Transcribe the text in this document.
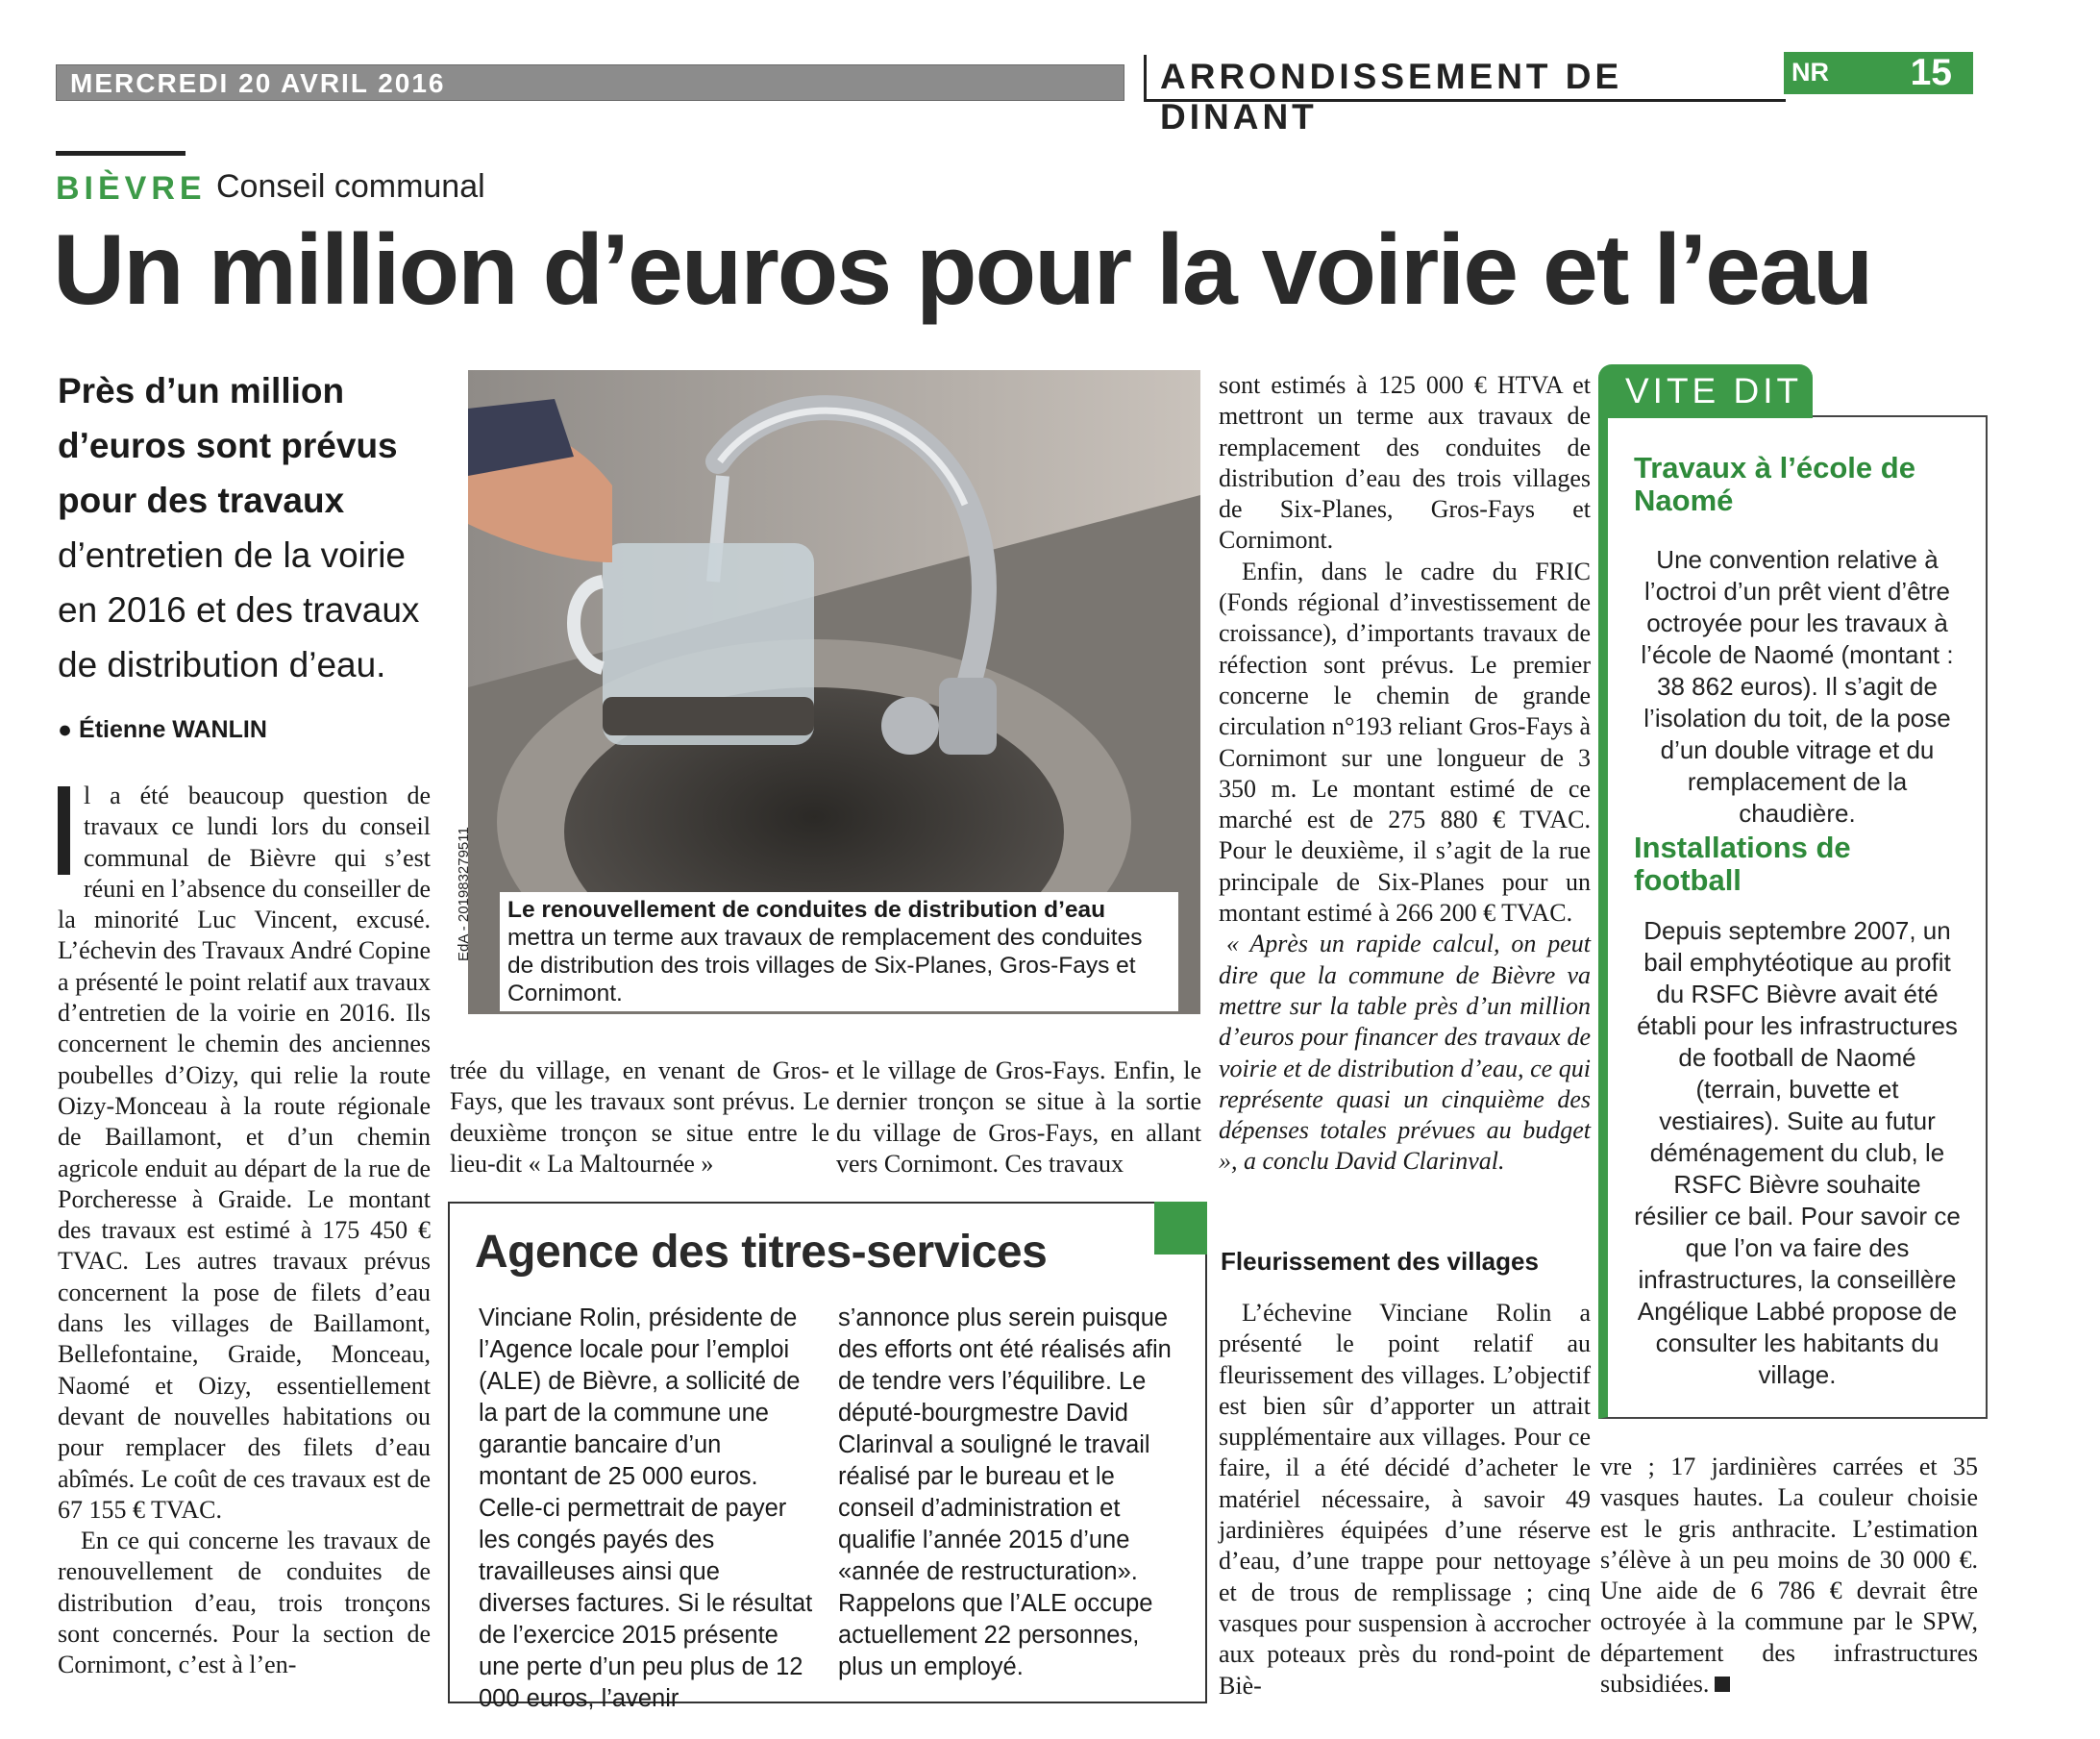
MERCREDI 20 AVRIL 2016	ARRONDISSEMENT DE DINANT
NR 15
BIÈVRE Conseil communal
Un million d’euros pour la voirie et l’eau
Près d’un million d’euros sont prévus pour des travaux d’entretien de la voirie en 2016 et des travaux de distribution d’eau.
● Étienne WANLIN

l a été beaucoup question de travaux ce lundi lors du conseil communal de Bièvre qui s’est réuni en l’absence du conseiller de la minorité Luc Vincent, excusé. L’échevin des Travaux André Copine a présenté le point relatif aux travaux d’entretien de la voirie en 2016. Ils concernent le chemin des anciennes poubelles d’Oizy, qui relie la route Oizy-Monceau à la route régionale de Baillamont, et d’un chemin agricole enduit au départ de la rue de Porcheresse à Graide. Le montant des travaux est estimé à 175 450 € TVAC. Les autres travaux prévus concernent la pose de filets d’eau dans les villages de Baillamont, Bellefontaine, Graide, Monceau, Naomé et Oizy, essentiellement devant de nouvelles habitations ou pour remplacer des filets d’eau abîmés. Le coût de ces travaux est de 67 155 € TVAC.

En ce qui concerne les travaux de renouvellement de conduites de distribution d’eau, trois tronçons sont concernés. Pour la section de Cornimont, c’est à l’en-

Le renouvellement de conduites de distribution d’eau mettra un terme aux travaux de remplacement des conduites de distribution des trois villages de Six-Planes, Gros-Fays et Cornimont.
EdA - 201983279511
trée du village, en venant de Gros-Fays, que les travaux sont prévus. Le deuxième tronçon se situe entre le lieu-dit « La Maltournée »
et le village de Gros-Fays. Enfin, le dernier tronçon se situe à la sortie du village de Gros-Fays, en allant vers Cornimont. Ces travaux
Agence des titres-services
Vinciane Rolin, présidente de l’Agence locale pour l’emploi (ALE) de Bièvre, a sollicité de la part de la commune une garantie bancaire d’un montant de 25 000 euros. Celle-ci permettrait de payer les congés payés des travailleuses ainsi que diverses factures. Si le résultat de l’exercice 2015 présente une perte d’un peu plus de 12 000 euros, l’avenir
s’annonce plus serein puisque des efforts ont été réalisés afin de tendre vers l’équilibre. Le député-bourgmestre David Clarinval a souligné le travail réalisé par le bureau et le conseil d’administration et qualifie l’année 2015 d’une «année de restructuration». Rappelons que l’ALE occupe actuellement 22 personnes, plus un employé.

sont estimés à 125 000 € HTVA et mettront un terme aux travaux de remplacement des conduites de distribution d’eau des trois villages de Six-Planes, Gros-Fays et Cornimont.

Enfin, dans le cadre du FRIC (Fonds régional d’investissement de croissance), d’importants travaux de réfection sont prévus. Le premier concerne le chemin de grande circulation n°193 reliant Gros-Fays à Cornimont sur une longueur de 3 350 m. Le montant estimé de ce marché est de 275 880 € TVAC. Pour le deuxième, il s’agit de la rue principale de Six-Planes pour un montant estimé à 266 200 € TVAC.

« Après un rapide calcul, on peut dire que la commune de Bièvre va mettre sur la table près d’un million d’euros pour financer des travaux de voirie et de distribution d’eau, ce qui représente quasi un cinquième des dépenses totales prévues au budget », a conclu David Clarinval.

Fleurissement des villages
L’échevine Vinciane Rolin a présenté le point relatif au fleurissement des villages. L’objectif est bien sûr d’apporter un attrait supplémentaire aux villages. Pour ce faire, il a été décidé d’acheter le matériel nécessaire, à savoir 49 jardinières équipées d’une réserve d’eau, d’une trappe pour nettoyage et de trous de remplissage ; cinq vasques pour suspension à accrocher aux poteaux près du rond-point de Biè-
vre ; 17 jardinières carrées et 35 vasques hautes. La couleur choisie est le gris anthracite. L’estimation s’élève à un peu moins de 30 000 €. Une aide de 6 786 € devrait être octroyée à la commune par le SPW, département des infrastructures subsidiées.
VITE DIT
Travaux à l’école de Naomé
Une convention relative à l’octroi d’un prêt vient d’être octroyée pour les travaux à l’école de Naomé (montant : 38 862 euros). Il s’agit de l’isolation du toit, de la pose d’un double vitrage et du remplacement de la chaudière.
Installations de football
Depuis septembre 2007, un bail emphytéotique au profit du RSFC Bièvre avait été établi pour les infrastructures de football de Naomé (terrain, buvette et vestiaires). Suite au futur déménagement du club, le RSFC Bièvre souhaite résilier ce bail. Pour savoir ce que l’on va faire des infrastructures, la conseillère Angélique Labbé propose de consulter les habitants du village.
